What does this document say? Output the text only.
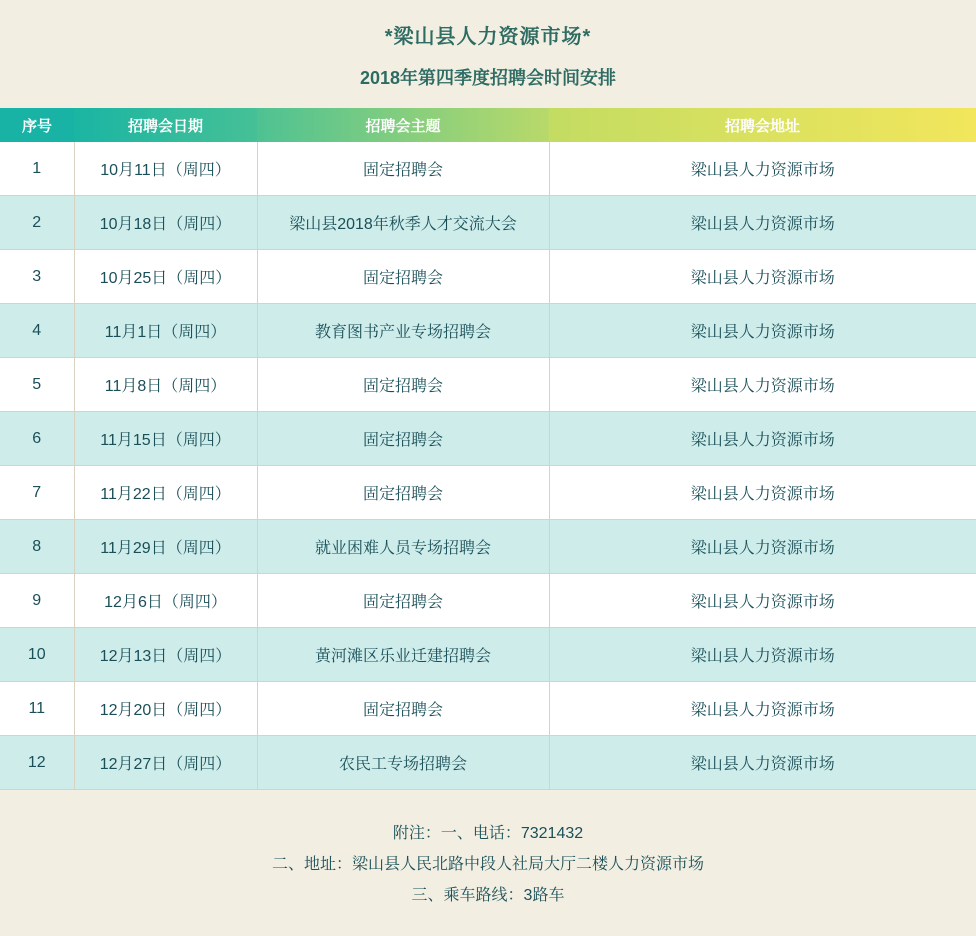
*梁山县人力资源市场*
2018年第四季度招聘会时间安排
序号	招聘会日期	招聘会主题	招聘会地址
1	10月11日（周四）	固定招聘会	梁山县人力资源市场
2	10月18日（周四）	梁山县2018年秋季人才交流大会	梁山县人力资源市场
3	10月25日（周四）	固定招聘会	梁山县人力资源市场
4	11月1日（周四）	教育图书产业专场招聘会	梁山县人力资源市场
5	11月8日（周四）	固定招聘会	梁山县人力资源市场
6	11月15日（周四）	固定招聘会	梁山县人力资源市场
7	11月22日（周四）	固定招聘会	梁山县人力资源市场
8	11月29日（周四）	就业困难人员专场招聘会	梁山县人力资源市场
9	12月6日（周四）	固定招聘会	梁山县人力资源市场
10	12月13日（周四）	黄河滩区乐业迁建招聘会	梁山县人力资源市场
11	12月20日（周四）	固定招聘会	梁山县人力资源市场
12	12月27日（周四）	农民工专场招聘会	梁山县人力资源市场
附注：一、电话：7321432
二、地址：梁山县人民北路中段人社局大厅二楼人力资源市场
三、乘车路线：3路车
